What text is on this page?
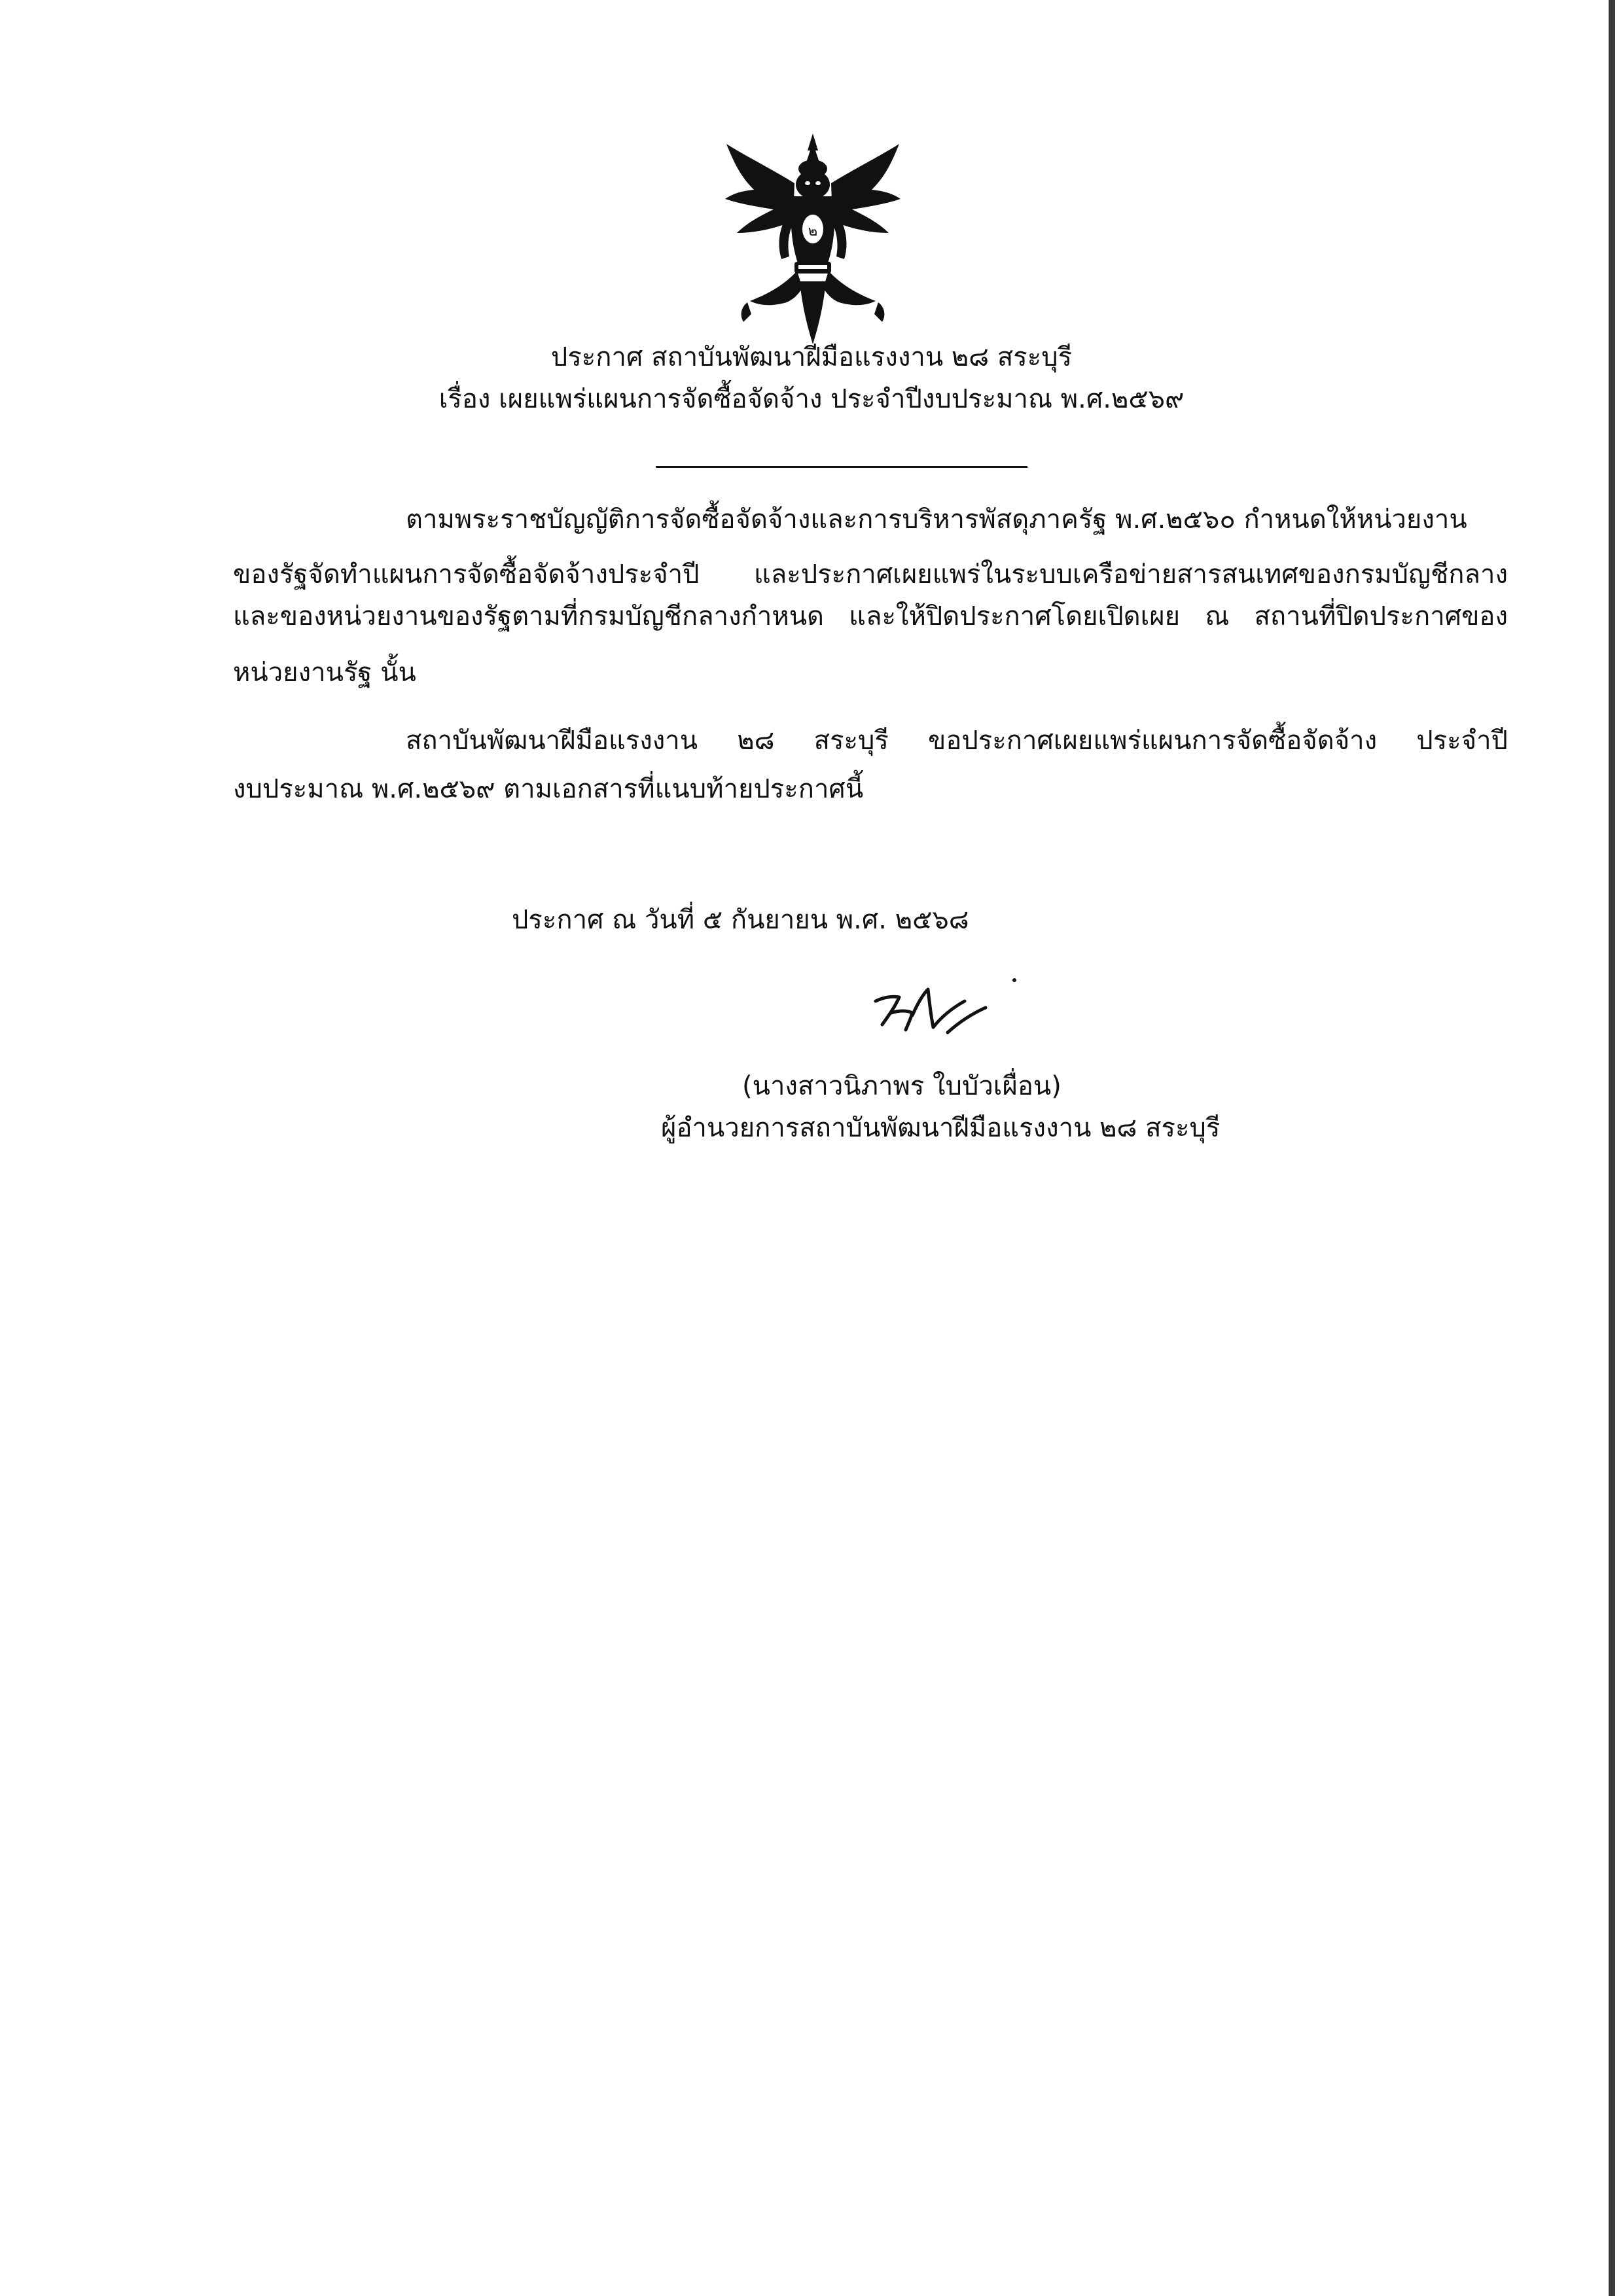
๒
ประกาศ สถาบันพัฒนาฝีมือแรงงาน ๒๘ สระบุรี
เรื่อง เผยแพร่แผนการจัดซื้อจัดจ้าง ประจำปีงบประมาณ พ.ศ.๒๕๖๙
ตามพระราชบัญญัติการจัดซื้อจัดจ้างและการบริหารพัสดุภาครัฐ พ.ศ.๒๕๖๐ กำหนดให้หน่วยงาน
ของรัฐจัดทำแผนการจัดซื้อจัดจ้างประจำปี และประกาศเผยแพร่ในระบบเครือข่ายสารสนเทศของกรมบัญชีกลาง
และของหน่วยงานของรัฐตามที่กรมบัญชีกลางกำหนด และให้ปิดประกาศโดยเปิดเผย ณ สถานที่ปิดประกาศของ
หน่วยงานรัฐ นั้น
สถาบันพัฒนาฝีมือแรงงาน ๒๘ สระบุรี ขอประกาศเผยแพร่แผนการจัดซื้อจัดจ้าง ประจำปี
งบประมาณ พ.ศ.๒๕๖๙ ตามเอกสารที่แนบท้ายประกาศนี้
ประกาศ ณ วันที่ ๕ กันยายน พ.ศ. ๒๕๖๘
(นางสาวนิภาพร ใบบัวเผื่อน)
ผู้อำนวยการสถาบันพัฒนาฝีมือแรงงาน ๒๘ สระบุรี
